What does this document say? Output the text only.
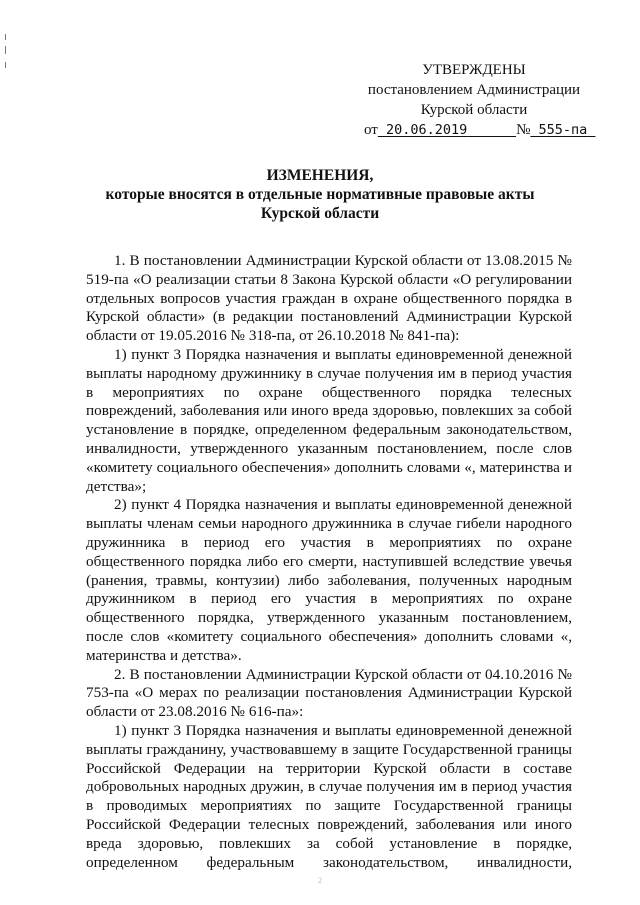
УТВЕРЖДЕНЫ
постановлением Администрации
Курской области
от 20.06.2019	№ 555-па
ИЗМЕНЕНИЯ,
которые вносятся в отдельные нормативные правовые акты
Курской области

1. В постановлении Администрации Курской области от 13.08.2015 № 519-па «О реализации статьи 8 Закона Курской области «О регулировании отдельных вопросов участия граждан в охране общественного порядка в Курской области» (в редакции постановлений Администрации Курской области от 19.05.2016 № 318-па, от 26.10.2018 № 841-па):

1) пункт 3 Порядка назначения и выплаты единовременной денежной выплаты народному дружиннику в случае получения им в период участия в мероприятиях по охране общественного порядка телесных повреждений, заболевания или иного вреда здоровью, повлекших за собой установление в порядке, определенном федеральным законодательством, инвалидности, утвержденного указанным постановлением, после слов «комитету социального обеспечения» дополнить словами «, материнства и детства»;

2) пункт 4 Порядка назначения и выплаты единовременной денежной выплаты членам семьи народного дружинника в случае гибели народного дружинника в период его участия в мероприятиях по охране общественного порядка либо его смерти, наступившей вследствие увечья (ранения, травмы, контузии) либо заболевания, полученных народным дружинником в период его участия в мероприятиях по охране общественного порядка, утвержденного указанным постановлением, после слов «комитету социального обеспечения» дополнить словами «, материнства и детства».

2. В постановлении Администрации Курской области от 04.10.2016 № 753-па «О мерах по реализации постановления Администрации Курской области от 23.08.2016 № 616-па»:

1) пункт 3 Порядка назначения и выплаты единовременной денежной выплаты гражданину, участвовавшему в защите Государственной границы Российской Федерации на территории Курской области в составе добровольных народных дружин, в случае получения им в период участия в проводимых мероприятиях по защите Государственной границы Российской Федерации телесных повреждений, заболевания или иного вреда здоровью, повлекших за собой установление в порядке, определенном федеральным законодательством, инвалидности,

2
